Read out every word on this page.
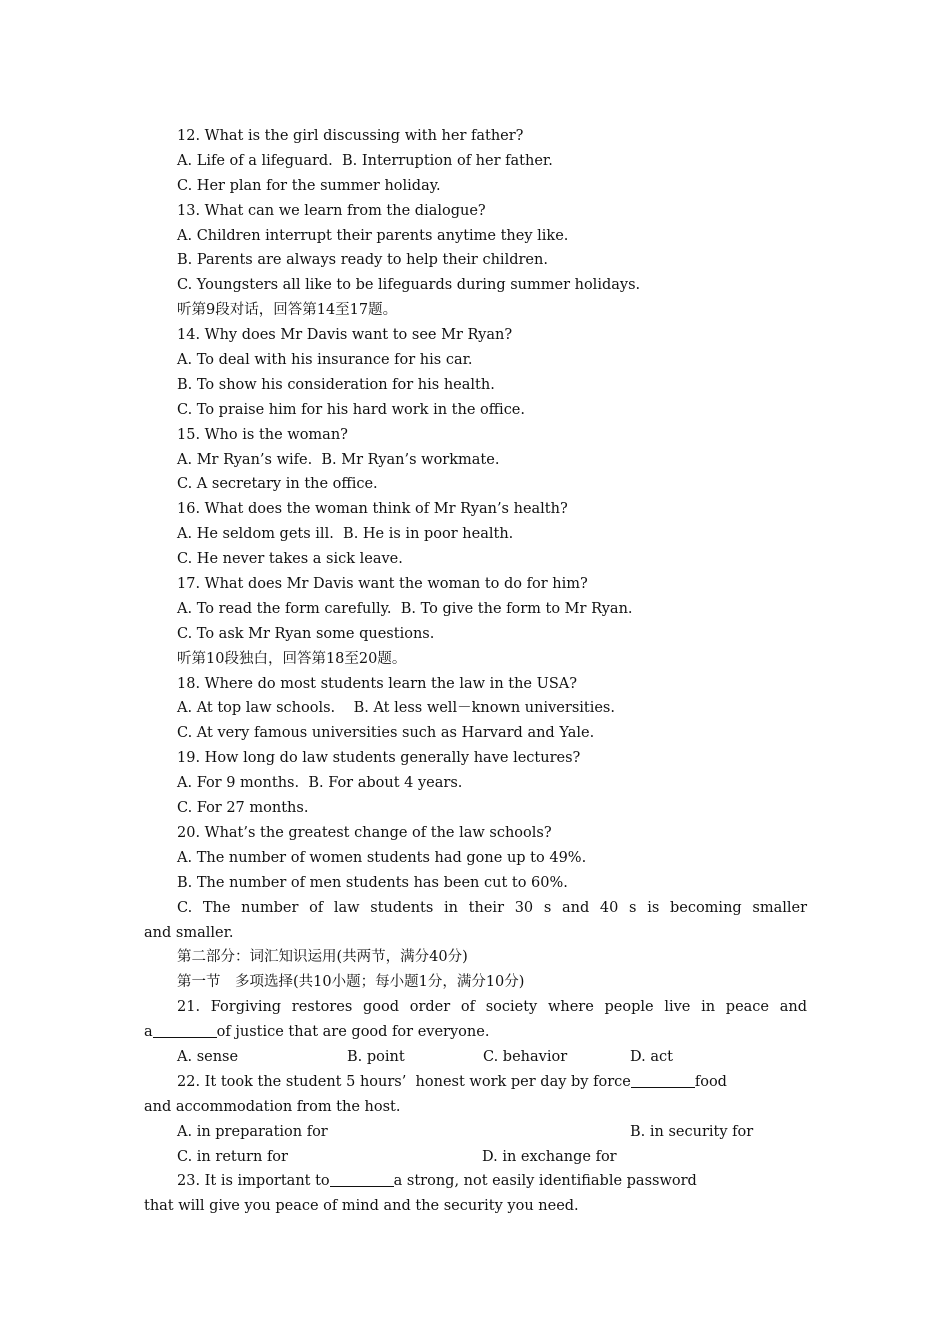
12. What is the girl discussing with her father?
A. Life of a lifeguard.  B. Interruption of her father.
C. Her plan for the summer holiday.
13. What can we learn from the dialogue?
A. Children interrupt their parents anytime they like.
B. Parents are always ready to help their children.
C. Youngsters all like to be lifeguards during summer holidays.
听第9段对话，回答第14至17题。
14. Why does Mr Davis want to see Mr Ryan?
A. To deal with his insurance for his car.
B. To show his consideration for his health.
C. To praise him for his hard work in the office.
15. Who is the woman?
A. Mr Ryan’s wife.  B. Mr Ryan’s workmate.
C. A secretary in the office.
16. What does the woman think of Mr Ryan’s health?
A. He seldom gets ill.  B. He is in poor health.
C. He never takes a sick leave.
17. What does Mr Davis want the woman to do for him?
A. To read the form carefully.  B. To give the form to Mr Ryan.
C. To ask Mr Ryan some questions.
听第10段独白，回答第18至20题。
18. Where do most students learn the law in the USA?
A. At top law schools.    B. At less well－known universities.
C. At very famous universities such as Harvard and Yale.
19. How long do law students generally have lectures?
A. For 9 months.  B. For about 4 years.
C. For 27 months.
20. What’s the greatest change of the law schools?
A. The number of women students had gone up to 49%.
B. The number of men students has been cut to 60%.
C. The number of law students in their 30 s and 40 s is becoming smaller
and smaller.
第二部分：词汇知识运用(共两节，满分40分)
第一节　多项选择(共10小题；每小题1分，满分10分)
21. Forgiving restores good order of society where people live in peace and
a	of justice that are good for everyone.
A. sense	B. point	C. behavior	D. act
22. It took the student 5 hours’  honest work per day by force	food
and accommodation from the host.
A. in preparation for	B. in security for
C. in return for	D. in exchange for
23. It is important to	a strong, not easily identifiable password
that will give you peace of mind and the security you need.
